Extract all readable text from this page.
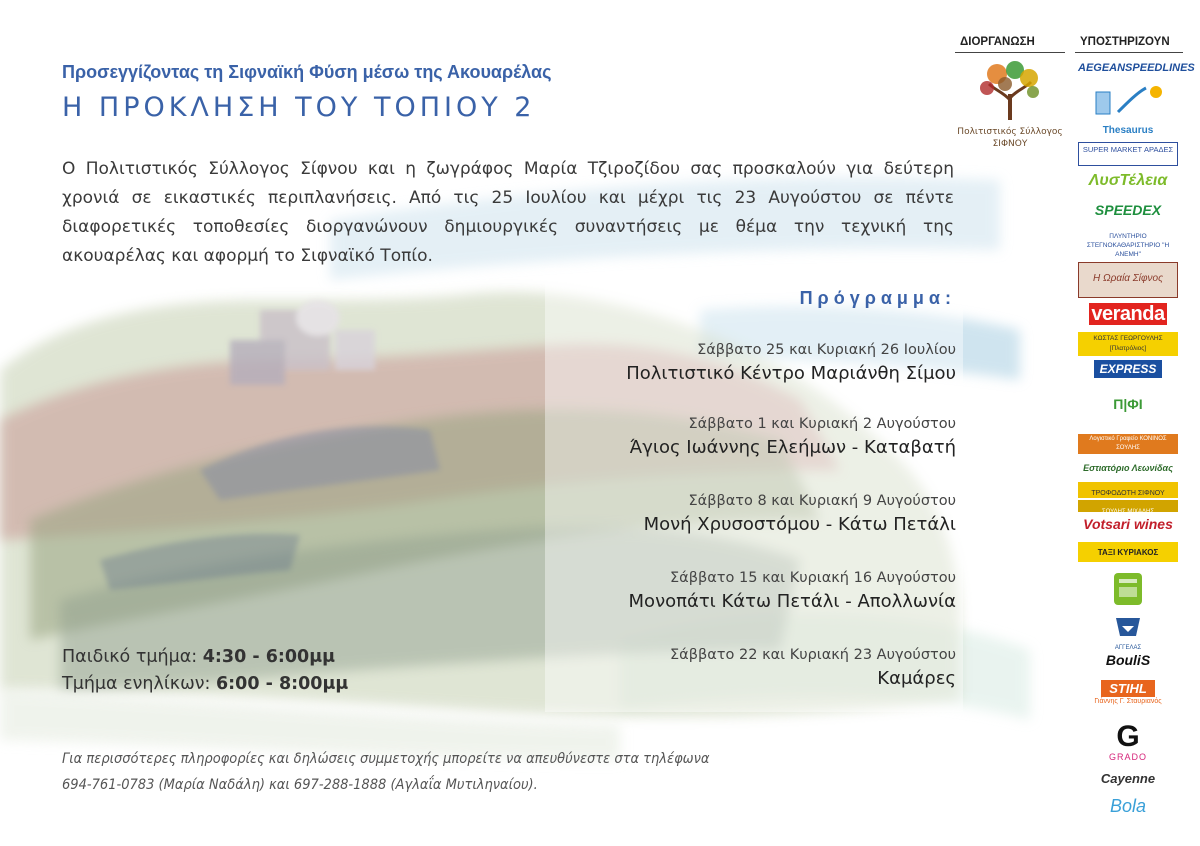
Προσεγγίζοντας τη Σιφναϊκή Φύση μέσω της Ακουαρέλας
Η ΠΡΟΚΛΗΣΗ ΤΟΥ ΤΟΠΙΟΥ 2

Ο Πολιτιστικός Σύλλογος Σίφνου και η ζωγράφος Μαρία Τζιροζίδου σας προσκαλούν για δεύτερη χρονιά σε εικαστικές περιπλανήσεις. Από τις 25 Ιουλίου και μέχρι τις 23 Αυγούστου σε πέντε διαφορετικές τοποθεσίες διοργανώνουν δημιουργικές συναντήσεις με θέμα την τεχνική της ακουαρέλας και αφορμή το Σιφναϊκό Τοπίο.

Πρόγραμμα:
Σάββατο 25 και Κυριακή 26 Ιουλίου
Πολιτιστικό Κέντρο Μαριάνθη Σίμου
Σάββατο 1 και Κυριακή 2 Αυγούστου
Άγιος Ιωάννης Ελεήμων - Καταβατή
Σάββατο 8 και Κυριακή 9 Αυγούστου
Μονή Χρυσοστόμου - Κάτω Πετάλι
Σάββατο 15 και Κυριακή 16 Αυγούστου
Μονοπάτι Κάτω Πετάλι - Απολλωνία
Σάββατο 22 και Κυριακή 23 Αυγούστου
Καμάρες
Παιδικό τμήμα: 4:30 - 6:00μμ
Τμήμα ενηλίκων: 6:00 - 8:00μμ
Για περισσότερες πληροφορίες και δηλώσεις συμμετοχής μπορείτε να απευθύνεστε στα τηλέφωνα
694-761-0783 (Μαρία Ναδάλη) και 697-288-1888 (Αγλαΐα Μυτιληναίου).
ΔΙΟΡΓΑΝΩΣΗ	ΥΠΟΣΤΗΡΙΖΟΥΝ
Πολιτιστικός Σύλλογος
ΣΙΦΝΟΥ
AEGEANSPEEDLINES
Thesaurus
SUPER MARKET ΑΡΑΔΕΣ
ΛυσΤέλεια
SPEEDEX
ΠΛΥΝΤΗΡΙΟ ΣΤΕΓΝΟΚΑΘΑΡΙΣΤΗΡΙΟ "Η ΑΝΕΜΗ"
Η Ωραία Σίφνος
veranda
ΚΩΣΤΑΣ ΓΕΩΡΓΟΥΛΗΣ [Πλατρόλιος]
EXPRESS
Π|ΦΙ
Λογιστικό Γραφείο ΚΟΝΙΝΟΣ ΣΟΥΛΗΣ
Εστιατόριο Λεωνίδας
ΤΡΟΦΟΔΟΤΗ ΣΙΦΝΟΥ
ΣΟΥΛΗΣ ΜΙΧΑΛΗΣ
Votsari wines
ΤΑΞΙ ΚΥΡΙΑΚΟΣ
ΑΓΓΕΛΑΣ
BouliS
STIHL
Γιάννης Γ. Σταυριανός
G
GRADO
Cayenne
Bola
